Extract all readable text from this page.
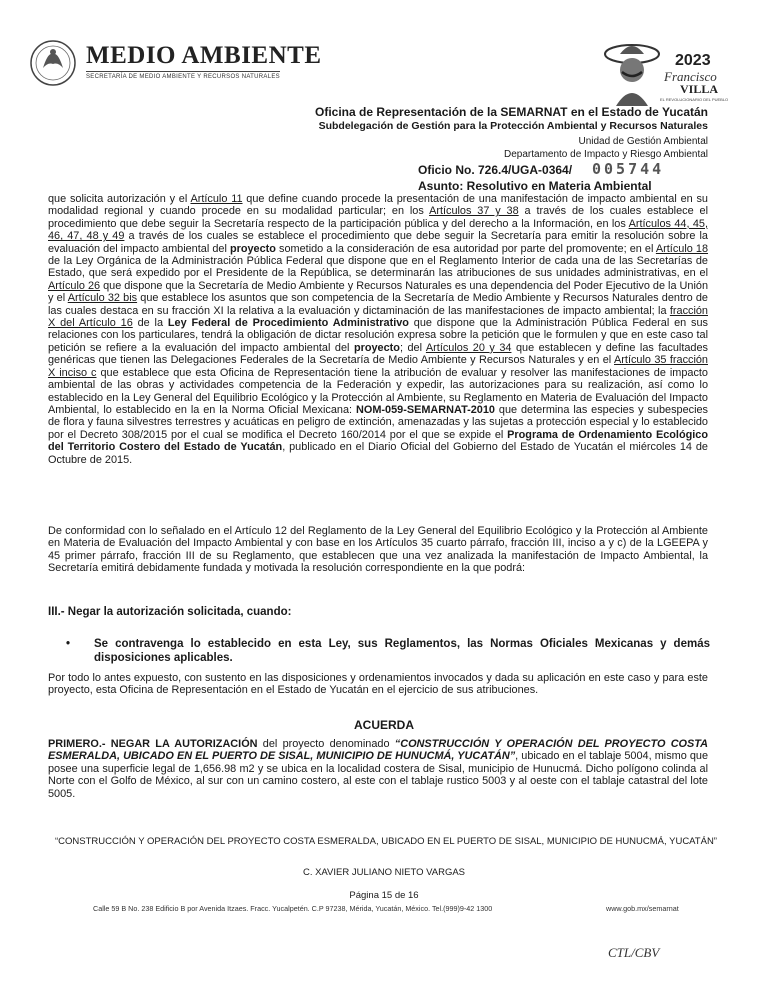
MEDIO AMBIENTE
SECRETARÍA DE MEDIO AMBIENTE Y RECURSOS NATURALES
2023
Francisco
VILLA
EL REVOLUCIONARIO DEL PUEBLO
Oficina de Representación de la SEMARNAT en el Estado de Yucatán
Subdelegación de Gestión para la Protección Ambiental y Recursos Naturales
Unidad de Gestión Ambiental
Departamento de Impacto y Riesgo Ambiental
Oficio No. 726.4/UGA-0364/ 005744
Asunto: Resolutivo en Materia Ambiental
que solicita autorización y el Artículo 11 que define cuando procede la presentación de una manifestación de impacto ambiental en su modalidad regional y cuando procede en su modalidad particular; en los Artículos 37 y 38 a través de los cuales establece el procedimiento que debe seguir la Secretaría respecto de la participación pública y del derecho a la Información, en los Artículos 44, 45, 46, 47, 48 y 49 a través de los cuales se establece el procedimiento que debe seguir la Secretaría para emitir la resolución sobre la evaluación del impacto ambiental del proyecto sometido a la consideración de esa autoridad por parte del promovente; en el Artículo 18 de la Ley Orgánica de la Administración Pública Federal que dispone que en el Reglamento Interior de cada una de las Secretarías de Estado, que será expedido por el Presidente de la República, se determinarán las atribuciones de sus unidades administrativas, en el Artículo 26 que dispone que la Secretaría de Medio Ambiente y Recursos Naturales es una dependencia del Poder Ejecutivo de la Unión y el Artículo 32 bis que establece los asuntos que son competencia de la Secretaría de Medio Ambiente y Recursos Naturales dentro de las cuales destaca en su fracción XI la relativa a la evaluación y dictaminación de las manifestaciones de impacto ambiental; la fracción X del Artículo 16 de la Ley Federal de Procedimiento Administrativo que dispone que la Administración Pública Federal en sus relaciones con los particulares, tendrá la obligación de dictar resolución expresa sobre la petición que le formulen y que en este caso tal petición se refiere a la evaluación del impacto ambiental del proyecto; del Artículos 20 y 34 que establecen y define las facultades genéricas que tienen las Delegaciones Federales de la Secretaría de Medio Ambiente y Recursos Naturales y en el Artículo 35 fracción X inciso c que establece que esta Oficina de Representación tiene la atribución de evaluar y resolver las manifestaciones de impacto ambiental de las obras y actividades competencia de la Federación y expedir, las autorizaciones para su realización, así como lo establecido en la Ley General del Equilibrio Ecológico y la Protección al Ambiente, su Reglamento en Materia de Evaluación del Impacto Ambiental, lo establecido en la en la Norma Oficial Mexicana: NOM-059-SEMARNAT-2010 que determina las especies y subespecies de flora y fauna silvestres terrestres y acuáticas en peligro de extinción, amenazadas y las sujetas a protección especial y lo establecido por el Decreto 308/2015 por el cual se modifica el Decreto 160/2014 por el que se expide el Programa de Ordenamiento Ecológico del Territorio Costero del Estado de Yucatán, publicado en el Diario Oficial del Gobierno del Estado de Yucatán el miércoles 14 de Octubre de 2015.
De conformidad con lo señalado en el Artículo 12 del Reglamento de la Ley General del Equilibrio Ecológico y la Protección al Ambiente en Materia de Evaluación del Impacto Ambiental y con base en los Artículos 35 cuarto párrafo, fracción III, inciso a y c) de la LGEEPA y 45 primer párrafo, fracción III de su Reglamento, que establecen que una vez analizada la manifestación de Impacto Ambiental, la Secretaría emitirá debidamente fundada y motivada la resolución correspondiente en la que podrá:
III.- Negar la autorización solicitada, cuando:
• Se contravenga lo establecido en esta Ley, sus Reglamentos, las Normas Oficiales Mexicanas y demás disposiciones aplicables.
Por todo lo antes expuesto, con sustento en las disposiciones y ordenamientos invocados y dada su aplicación en este caso y para este proyecto, esta Oficina de Representación en el Estado de Yucatán en el ejercicio de sus atribuciones.
ACUERDA
PRIMERO.- NEGAR LA AUTORIZACIÓN del proyecto denominado “CONSTRUCCIÓN Y OPERACIÓN DEL PROYECTO COSTA ESMERALDA, UBICADO EN EL PUERTO DE SISAL, MUNICIPIO DE HUNUCMÁ, YUCATÁN”, ubicado en el tablaje 5004, mismo que posee una superficie legal de 1,656.98 m2 y se ubica en la localidad costera de Sisal, municipio de Hunucmá. Dicho polígono colinda al Norte con el Golfo de México, al sur con un camino costero, al este con el tablaje rustico 5003 y al oeste con el tablaje catastral del lote 5005.
“CONSTRUCCIÓN Y OPERACIÓN DEL PROYECTO COSTA ESMERALDA, UBICADO EN EL PUERTO DE SISAL, MUNICIPIO DE HUNUCMÁ, YUCATÁN”
C. XAVIER JULIANO NIETO VARGAS
Página 15 de 16
Calle 59 B No. 238 Edificio B por Avenida Itzaes. Fracc. Yucalpetén. C.P 97238, Mérida, Yucatán, México. Tel.(999)9-42 1300	www.gob.mx/semarnat
CTL/CBV
